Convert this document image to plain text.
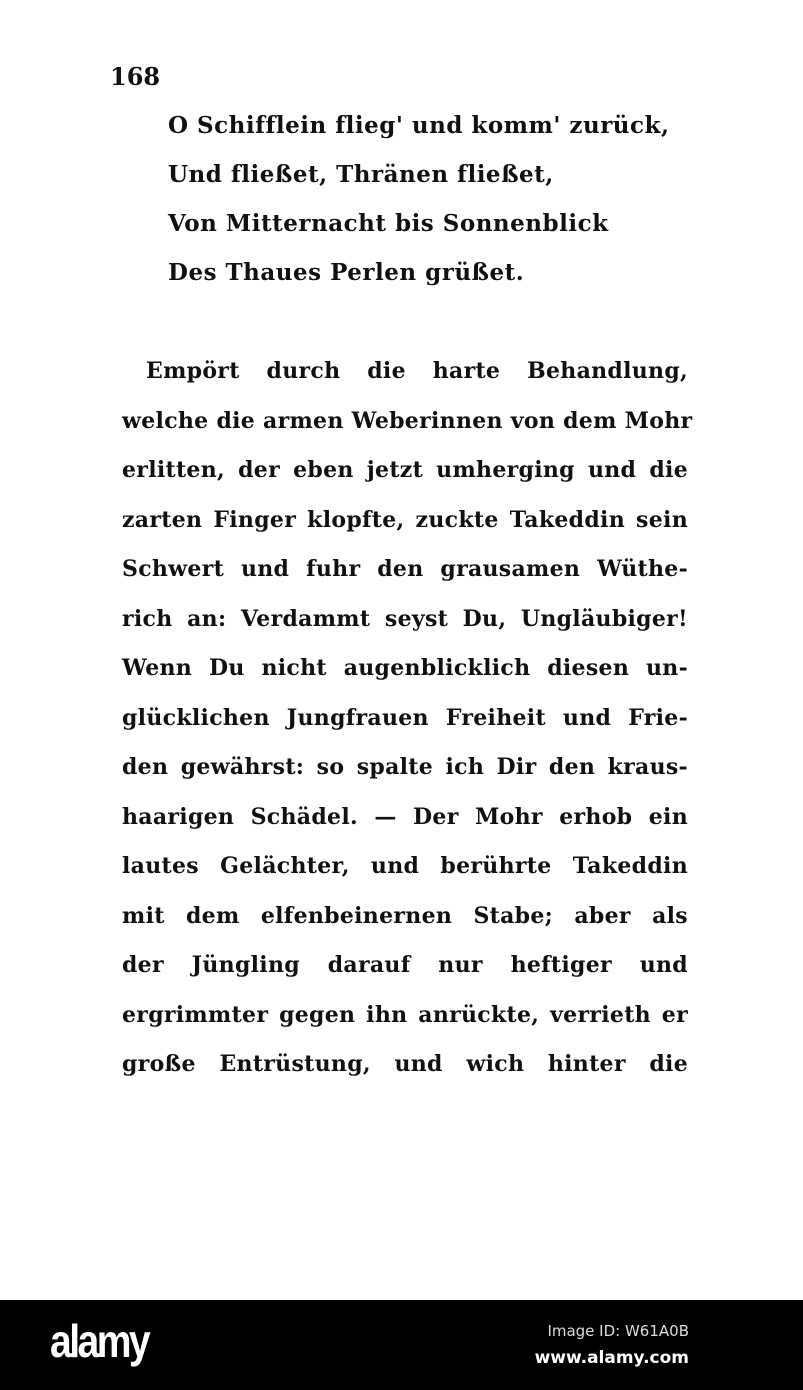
168
O Schifflein flieg' und komm' zurück,
Und fließet, Thränen fließet,
Von Mitternacht bis Sonnenblick
Des Thaues Perlen grüßet.
Empört durch die harte Behandlung,
welche die armen Weberinnen von dem Mohr
erlitten, der eben jetzt umherging und die
zarten Finger klopfte, zuckte Takeddin sein
Schwert und fuhr den grausamen Wüthe-
rich an: Verdammt seyst Du, Ungläubiger!
Wenn Du nicht augenblicklich diesen un-
glücklichen Jungfrauen Freiheit und Frie-
den gewährst: so spalte ich Dir den kraus-
haarigen Schädel. — Der Mohr erhob ein
lautes Gelächter, und berührte Takeddin
mit dem elfenbeinernen Stabe; aber als
der Jüngling darauf nur heftiger und
ergrimmter gegen ihn anrückte, verrieth er
große Entrüstung, und wich hinter die
alamy	Image ID: W61A0B
www.alamy.com
